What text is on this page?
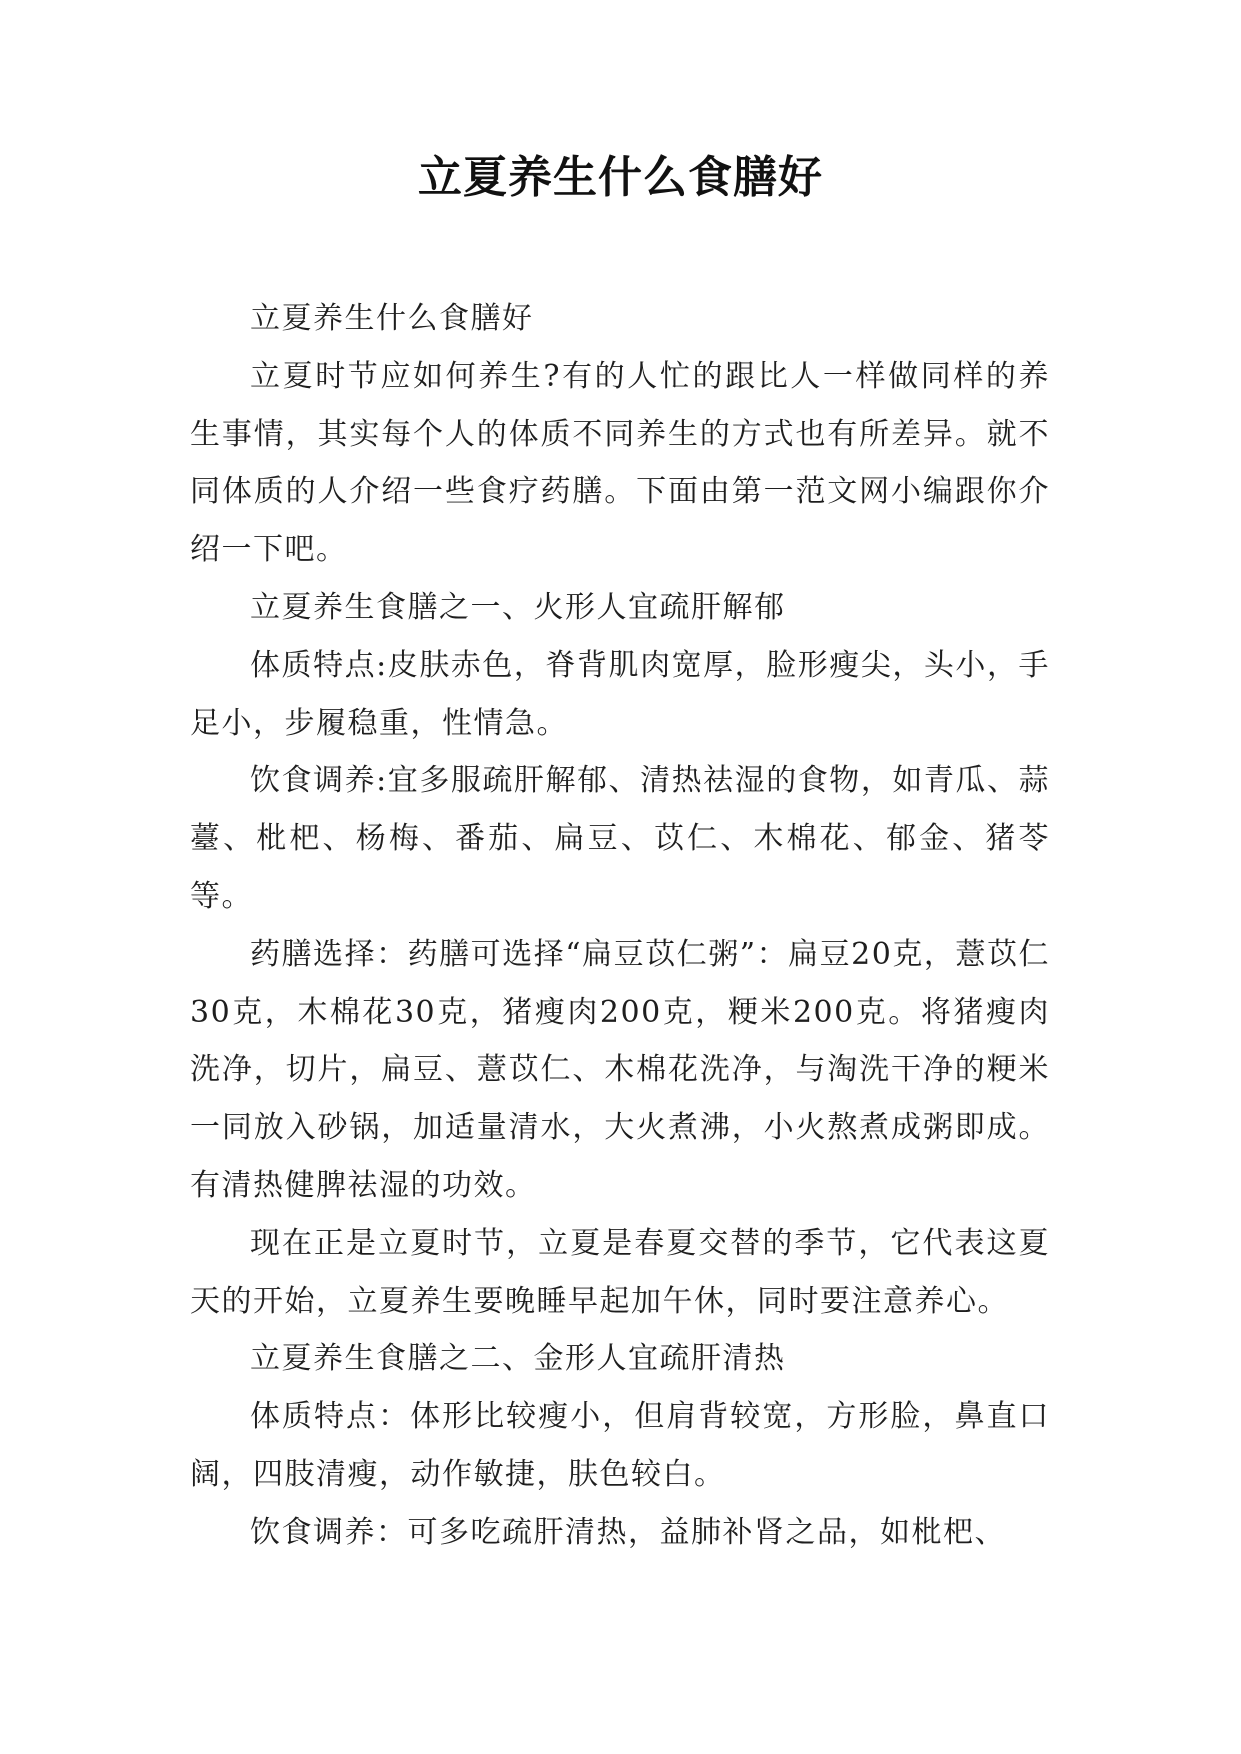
立夏养生什么食膳好

立夏养生什么食膳好

立夏时节应如何养生?有的人忙的跟比人一样做同样的养生事情，其实每个人的体质不同养生的方式也有所差异。就不同体质的人介绍一些食疗药膳。下面由第一范文网小编跟你介绍一下吧。

立夏养生食膳之一、火形人宜疏肝解郁

体质特点:皮肤赤色，脊背肌肉宽厚，脸形瘦尖，头小，手足小，步履稳重，性情急。

饮食调养:宜多服疏肝解郁、清热祛湿的食物，如青瓜、蒜薹、枇杷、杨梅、番茄、扁豆、苡仁、木棉花、郁金、猪苓等。

药膳选择：药膳可选择“扁豆苡仁粥”：扁豆20克，薏苡仁30克，木棉花30克，猪瘦肉200克，粳米200克。将猪瘦肉洗净，切片，扁豆、薏苡仁、木棉花洗净，与淘洗干净的粳米一同放入砂锅，加适量清水，大火煮沸，小火熬煮成粥即成。有清热健脾祛湿的功效。

现在正是立夏时节，立夏是春夏交替的季节，它代表这夏天的开始，立夏养生要晚睡早起加午休，同时要注意养心。

立夏养生食膳之二、金形人宜疏肝清热

体质特点：体形比较瘦小，但肩背较宽，方形脸，鼻直口阔，四肢清瘦，动作敏捷，肤色较白。

饮食调养：可多吃疏肝清热，益肺补肾之品，如枇杷、
